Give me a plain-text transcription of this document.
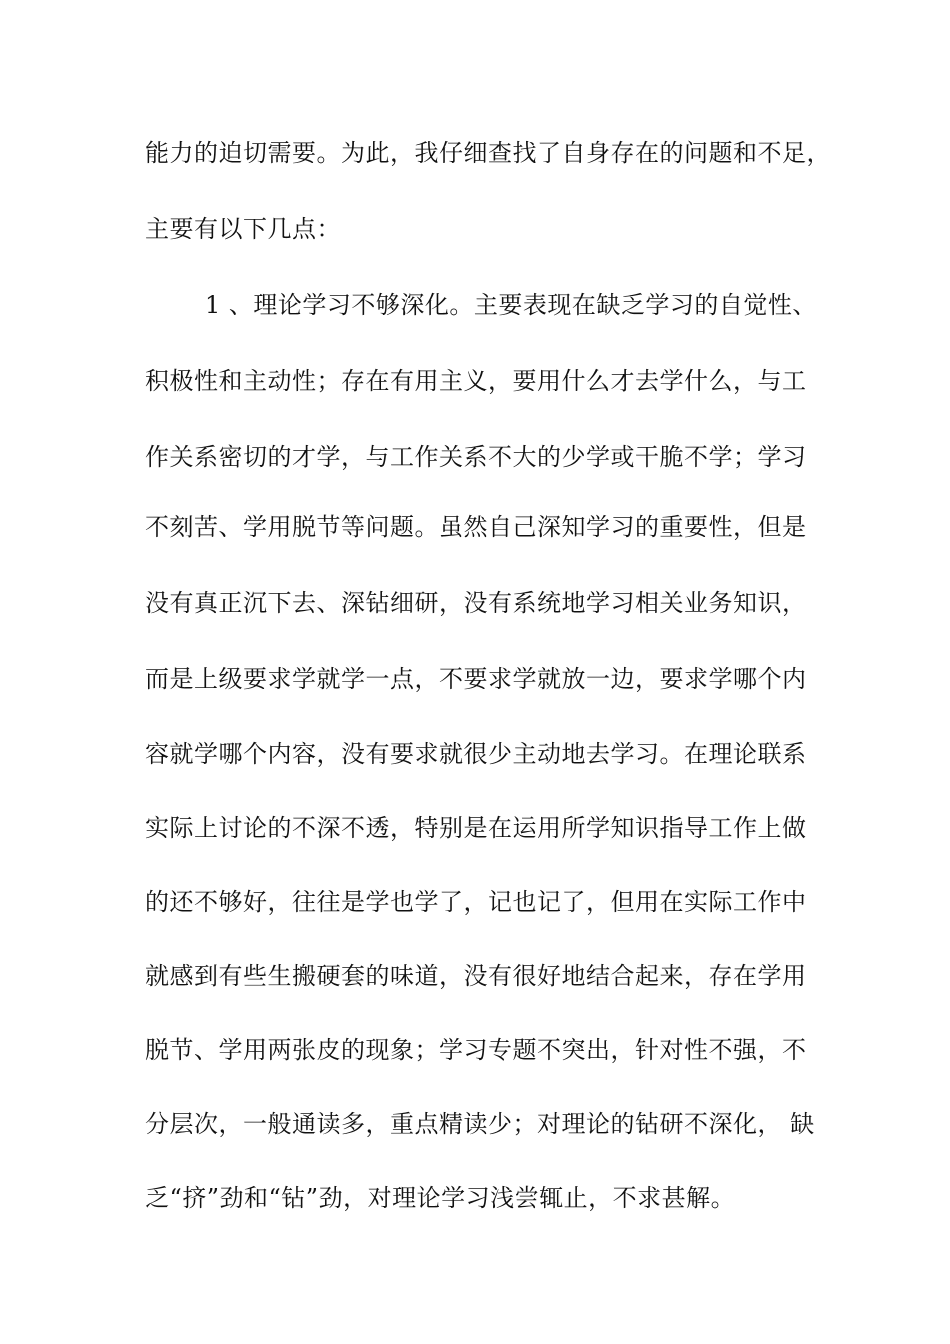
能力的迫切需要。为此，我仔细查找了自身存在的问题和不足，
主要有以下几点：
1 、理论学习不够深化。主要表现在缺乏学习的自觉性、
积极性和主动性；存在有用主义，要用什么才去学什么，与工
作关系密切的才学，与工作关系不大的少学或干脆不学；学习
不刻苦、学用脱节等问题。虽然自己深知学习的重要性，但是
没有真正沉下去、深钻细研，没有系统地学习相关业务知识，
而是上级要求学就学一点，不要求学就放一边，要求学哪个内
容就学哪个内容，没有要求就很少主动地去学习。在理论联系
实际上讨论的不深不透，特别是在运用所学知识指导工作上做
的还不够好，往往是学也学了，记也记了，但用在实际工作中
就感到有些生搬硬套的味道，没有很好地结合起来，存在学用
脱节、学用两张皮的现象；学习专题不突出，针对性不强，不
分层次，一般通读多，重点精读少；对理论的钻研不深化， 缺
乏“挤”劲和“钻”劲，对理论学习浅尝辄止，不求甚解。
